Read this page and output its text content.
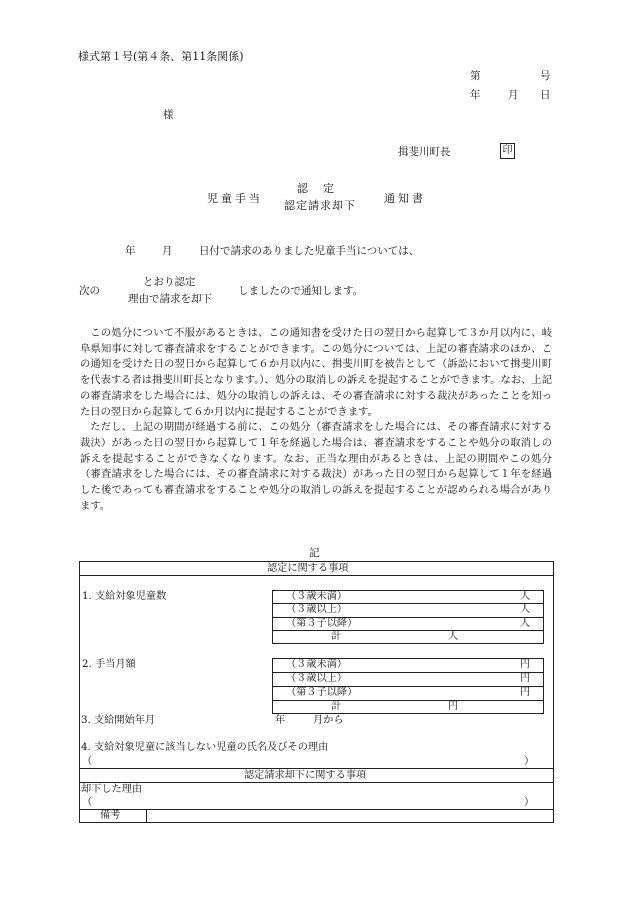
様式第１号(第４条、第11条関係)
第	号
年	月 日
様
揖斐川町長	印
児童手当
認　定
認定請求却下
通知書
年	月	日付で請求のありました児童手当については、
次の
とおり認定
理由で請求を却下
しましたので通知します。

この処分について不服があるときは、この通知書を受けた日の翌日から起算して３か月以内に、岐阜県知事に対して審査請求をすることができます。この処分については、上記の審査請求のほか、この通知を受けた日の翌日から起算して６か月以内に、揖斐川町を被告として（訴訟において揖斐川町を代表する者は揖斐川町長となります。）、処分の取消しの訴えを提起することができます。なお、上記の審査請求をした場合には、処分の取消しの訴えは、その審査請求に対する裁決があったことを知った日の翌日から起算して６か月以内に提起することができます。

ただし、上記の期間が経過する前に、この処分（審査請求をした場合には、その審査請求に対する裁決）があった日の翌日から起算して１年を経過した場合は、審査請求をすることや処分の取消しの訴えを提起することができなくなります。なお、正当な理由があるときは、上記の期間やこの処分（審査請求をした場合には、その審査請求に対する裁決）があった日の翌日から起算して１年を経過した後であっても審査請求をすることや処分の取消しの訴えを提起することが認められる場合があります。

記
認定に関する事項
1. 支給対象児童数	（３歳未満）	人
（３歳以上）	人
（第３子以降）	人
計	人
2. 手当月額	（３歳未満）	円
（３歳以上）	円
（第３子以降）	円
計	円
3. 支給開始年月	年	月から
4. 支給対象児童に該当しない児童の氏名及びその理由
（	）
認定請求却下に関する事項
却下した理由
（	）
備考
